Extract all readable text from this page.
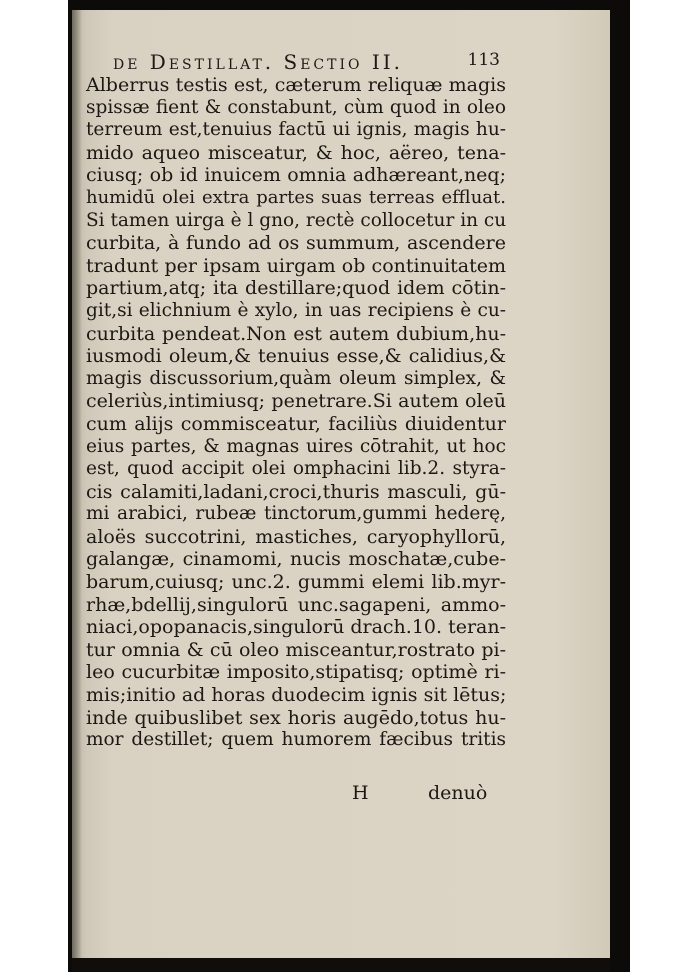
de Destillat. Sectio II.	113
Alberrus testis est, cæterum reliquæ magis
spissæ fient & constabunt, cùm quod in oleo
terreum est,tenuius factū ui ignis, magis hu-
mido aqueo misceatur, & hoc, aëreo, tena-
ciusq; ob id inuicem omnia adhæreant,neq;
humidū olei extra partes suas terreas effluat.
Si tamen uirga è l gno, rectè collocetur in cu
curbita, à fundo ad os summum, ascendere
tradunt per ipsam uirgam ob continuitatem
partium,atq; ita destillare;quod idem cōtin-
git,si elichnium è xylo, in uas recipiens è cu-
curbita pendeat.Non est autem dubium,hu-
iusmodi oleum,& tenuius esse,& calidius,&
magis discussorium,quàm oleum simplex, &
celeriùs,intimiusq; penetrare.Si autem oleū
cum alijs commisceatur, faciliùs diuidentur
eius partes, & magnas uires cōtrahit, ut hoc
est, quod accipit olei omphacini lib.2. styra-
cis calamiti,ladani,croci,thuris masculi, gū-
mi arabici, rubeæ tinctorum,gummi hederę,
aloës succotrini, mastiches, caryophyllorū,
galangæ, cinamomi, nucis moschatæ,cube-
barum,cuiusq; unc.2. gummi elemi lib.myr-
rhæ,bdellij,singulorū unc.sagapeni, ammo-
niaci,opopanacis,singulorū drach.10. teran-
tur omnia & cū oleo misceantur,rostrato pi-
leo cucurbitæ imposito,stipatisq; optimè ri-
mis;initio ad horas duodecim ignis sit lētus;
inde quibuslibet sex horis augēdo,totus hu-
mor destillet; quem humorem fæcibus tritis
H	denuò
